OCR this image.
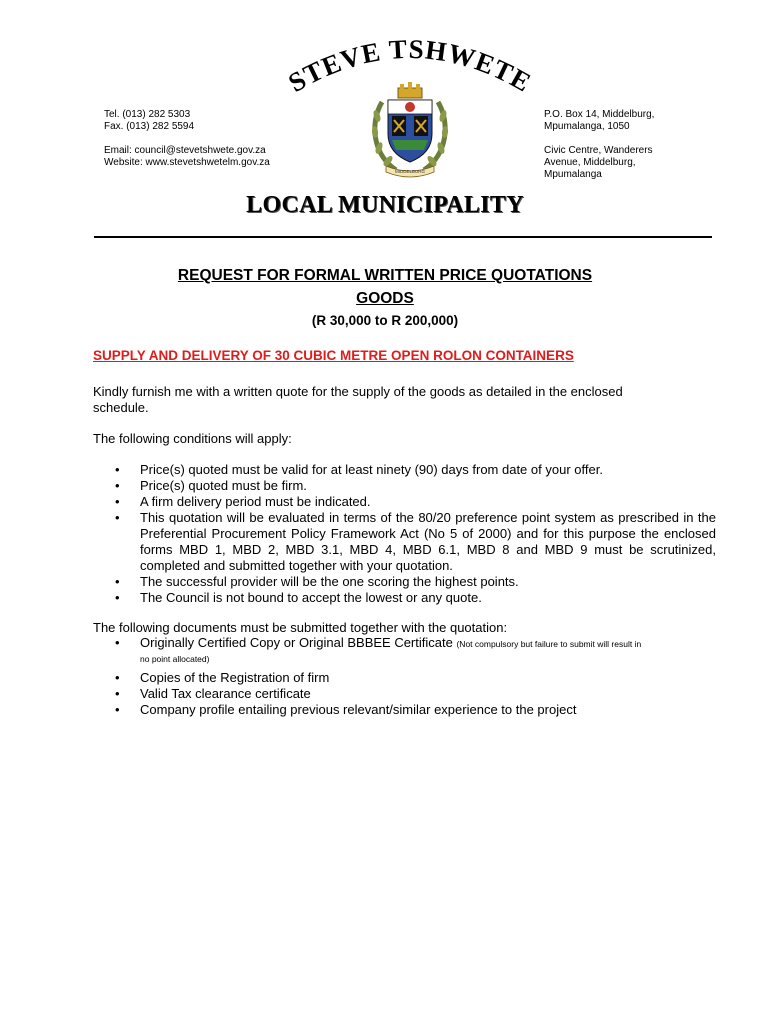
STEVE TSHWETE
Tel. (013) 282 5303
Fax. (013) 282 5594
Email: council@stevetshwete.gov.za
Website: www.stevetshwetelm.gov.za
P.O. Box 14, Middelburg,
Mpumalanga, 1050
Civic Centre, Wanderers
Avenue, Middelburg,
Mpumalanga
MIDDELBURG
LOCAL MUNICIPALITY
REQUEST FOR FORMAL WRITTEN PRICE QUOTATIONS
GOODS
(R 30,000 to R 200,000)
SUPPLY AND DELIVERY OF 30 CUBIC METRE OPEN ROLON CONTAINERS
Kindly furnish me with a written quote for the supply of the goods as detailed in the enclosed
schedule.
The following conditions will apply:
• Price(s) quoted must be valid for at least ninety (90) days from date of your offer.
• Price(s) quoted must be firm.
• A firm delivery period must be indicated.
• This quotation will be evaluated in terms of the 80/20 preference point system as prescribed in the Preferential Procurement Policy Framework Act (No 5 of 2000) and for this purpose the enclosed forms MBD 1, MBD 2, MBD 3.1, MBD 4, MBD 6.1, MBD 8 and MBD 9 must be scrutinized, completed and submitted together with your quotation.
• The successful provider will be the one scoring the highest points.
• The Council is not bound to accept the lowest or any quote.
The following documents must be submitted together with the quotation:
• Originally Certified Copy or Original BBBEE Certificate (Not compulsory but failure to submit will result in
no point allocated)
• Copies of the Registration of firm
• Valid Tax clearance certificate
• Company profile entailing previous relevant/similar experience to the project
